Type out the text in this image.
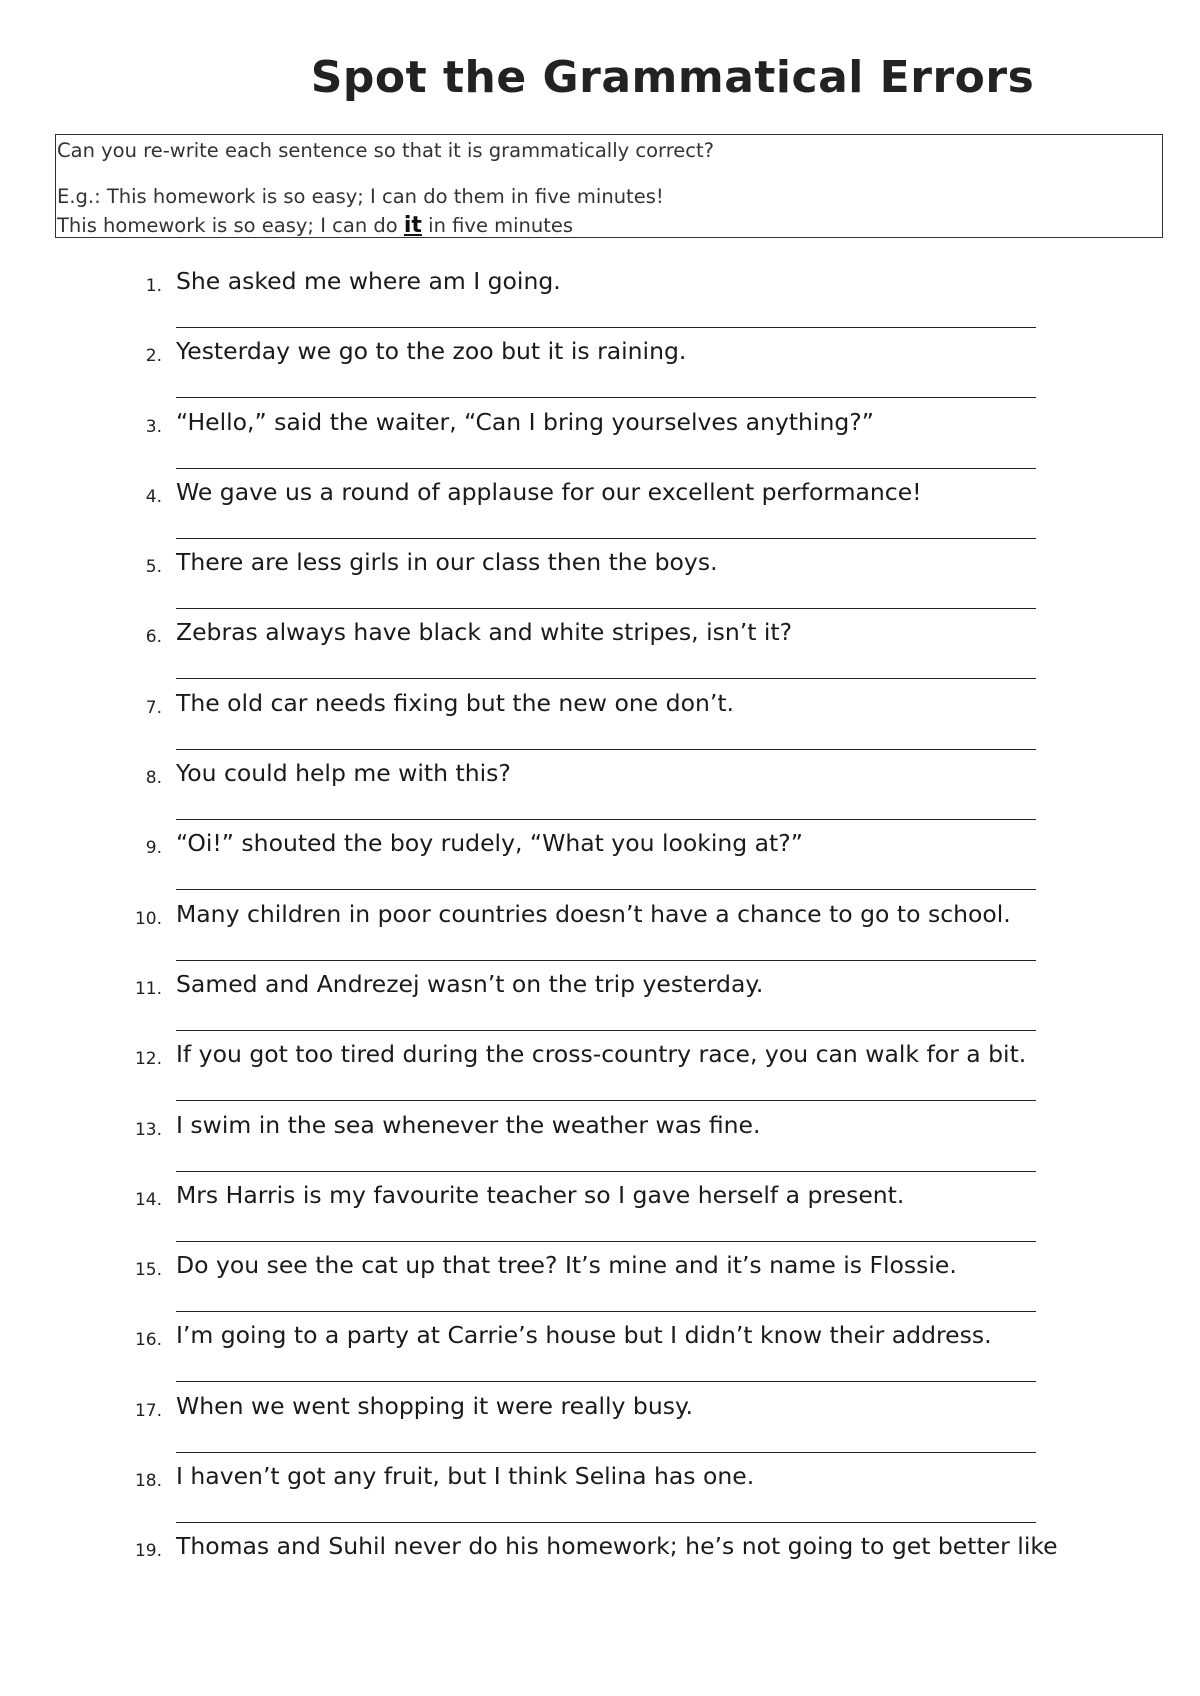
Spot the Grammatical Errors
Can you re-write each sentence so that it is grammatically correct?
E.g.: This homework is so easy; I can do them in five minutes!
This homework is so easy; I can do it in five minutes
1. She asked me where am I going.
2. Yesterday we go to the zoo but it is raining.
3. “Hello,” said the waiter, “Can I bring yourselves anything?”
4. We gave us a round of applause for our excellent performance!
5. There are less girls in our class then the boys.
6. Zebras always have black and white stripes, isn’t it?
7. The old car needs fixing but the new one don’t.
8. You could help me with this?
9. “Oi!” shouted the boy rudely, “What you looking at?”
10. Many children in poor countries doesn’t have a chance to go to school.
11. Samed and Andrezej wasn’t on the trip yesterday.
12. If you got too tired during the cross-country race, you can walk for a bit.
13. I swim in the sea whenever the weather was fine.
14. Mrs Harris is my favourite teacher so I gave herself a present.
15. Do you see the cat up that tree? It’s mine and it’s name is Flossie.
16. I’m going to a party at Carrie’s house but I didn’t know their address.
17. When we went shopping it were really busy.
18. I haven’t got any fruit, but I think Selina has one.
19. Thomas and Suhil never do his homework; he’s not going to get better like
